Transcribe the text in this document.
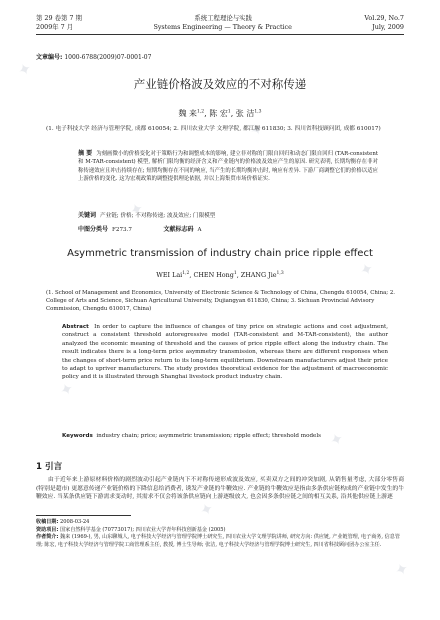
✦
✦
✦
✦
✦
✦
✦
✦
第 29 卷第 7 期	系统工程理论与实践	Vol.29, No.7
2009年 7 月	Systems Engineering — Theory & Practice	July, 2009
文章编号: 1000-6788(2009)07-0001-07
产业链价格波及效应的不对称传递
魏 来$^{1,2}$, 陈 宏$^1$, 张 洁$^{1,3}$
(1. 电子科技大学 经济与管理学院, 成都 610054; 2. 四川农业大学 文理学院, 都江堰 611830; 3. 四川省科技顾问团, 成都 610017)
摘 要 为刻画微小的价格变化对于策略行为和调整成本的影响, 建立非对称的门限自回归和动态门限自回归 (TAR-consistent 和 M-TAR-consistent) 模型, 解析门限均衡的经济含义和产业链内的价格波及效应产生的原因. 研究表明, 长期均衡存在非对称传递效应且冲击持续存在; 短期均衡存在不同的响应, 当产生的长期均衡冲击时, 响应有差异. 下游厂商调整它们的价格以适应上游价格的变化. 这为宏观政策的调整提供理论依据, 并以上海集贸市场价格证实.
关键词 产业链; 价格; 不对称传递; 波及效应; 门限模型
中图分类号 F273.7	文献标志码 A
Asymmetric transmission of industry chain price ripple effect
WEI Lai$^{1,2}$, CHEN Hong$^1$, ZHANG Jie$^{1,3}$
(1. School of Management and Economics, University of Electronic Science & Technology of China, Chengdu 610054, China; 2. College of Arts and Science, Sichuan Agricultural University, Dujiangyan 611830, China; 3. Sichuan Provincial Advisory Commission, Chengdu 610017, China)
Abstract In order to capture the influence of changes of tiny price on strategic actions and cost adjustment, construct a consistent threshold autoregressive model (TAR-consistent and M-TAR-consistent), the author analyzed the economic meaning of threshold and the causes of price ripple effect along the industry chain. The result indicates there is a long-term price asymmetry transmission, whereas there are different responses when the changes of short-term price return to its long-term equilibrium. Downstream manufacturers adjust their price to adapt to upriver manufacturers. The study provides theoretical evidence for the adjustment of macroeconomic policy and it is illustrated through Shanghai livestock product industry chain.
Keywords industry chain; price; asymmetric transmission; ripple effect; threshold models
1 引言
由于近年来上游原材料价格的剧烈波动引起产业链内下不对称传递形成波及效应, 买卖双方之间的冲突加剧, 从销售量考虑, 大部分零售商 (特别是超市) 更愿意传递产业链价格的下降信息给消费者, 诱发产业链的牛鞭效应. 产业链的牛鞭效应是指由多条供应链构成的产业链中发生的牛鞭效应. 当某条供应链下游需求变动时, 其需求不仅会将该条供应链向上游逐级放大, 也会因多条供应链之间的相互关系, 沿其他供应链上游逐
收稿日期: 2008-03-24
资助项目: 国家自然科学基金 (70773017); 四川农业大学青年科技创新基金 (2005)
作者简介: 魏来 (1969-), 男, 山东聊城人, 电子科技大学经济与管理学院博士研究生, 四川农业大学文理学院讲师, 研究方向: 供应链, 产业链管理, 电子商务, 信息管理; 陈宏, 电子科技大学经济与管理学院工商管理系主任, 教授, 博士生导师; 张洁, 电子科技大学经济与管理学院博士研究生, 四川省科技顾问团办公室主任.
